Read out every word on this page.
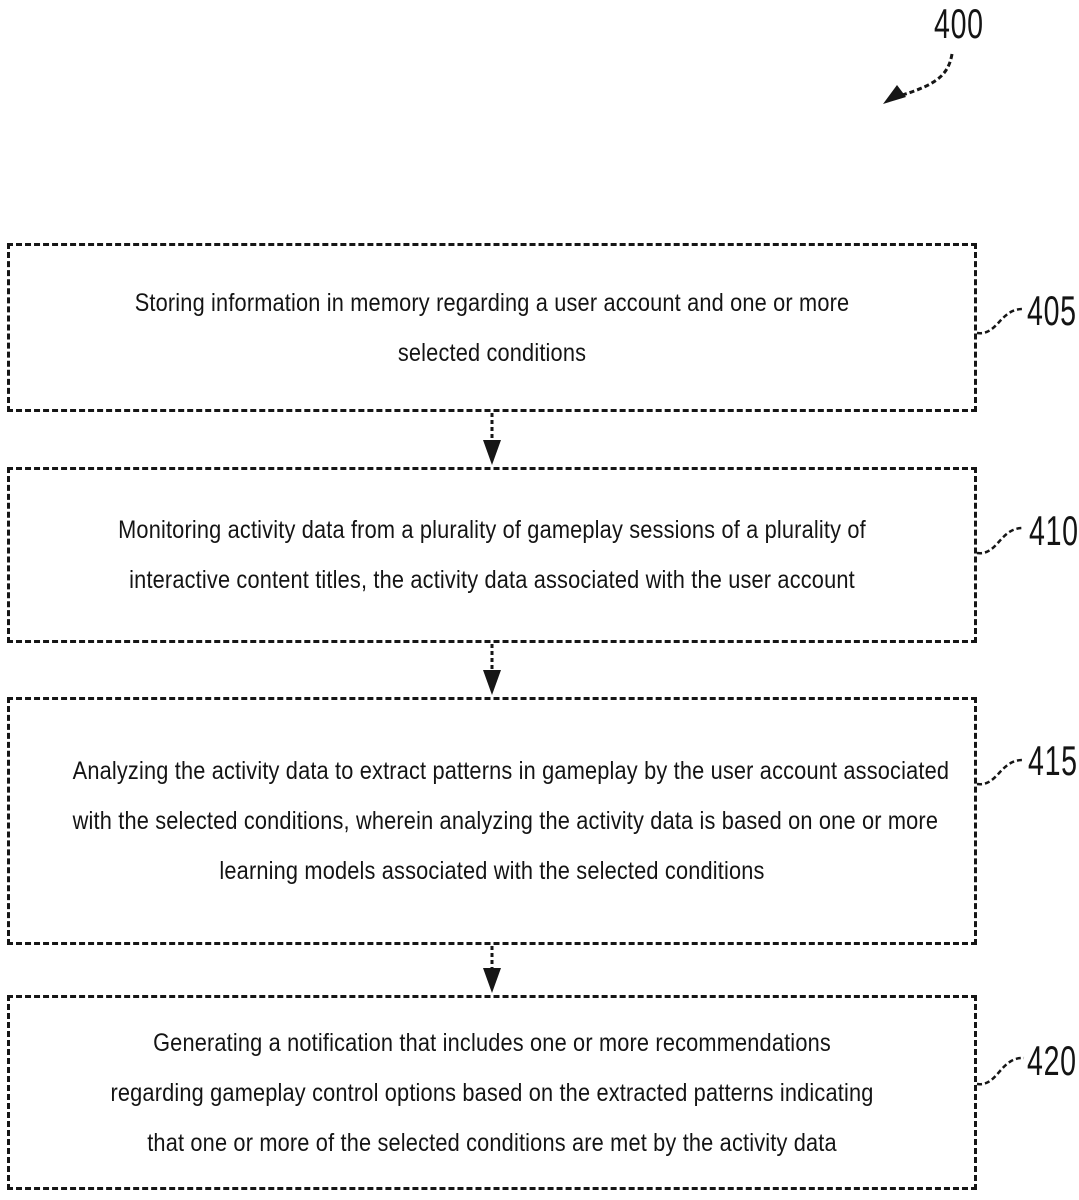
400
Storing information in memory regarding a user account and one or more
selected conditions
405
Monitoring activity data from a plurality of gameplay sessions of a plurality of
interactive content titles, the activity data associated with the user account
410
Analyzing the activity data to extract patterns in gameplay by the user account associated
with the selected conditions, wherein analyzing the activity data is based on one or more
learning models associated with the selected conditions
415
Generating a notification that includes one or more recommendations
regarding gameplay control options based on the extracted patterns indicating
that one or more of the selected conditions are met by the activity data
420
